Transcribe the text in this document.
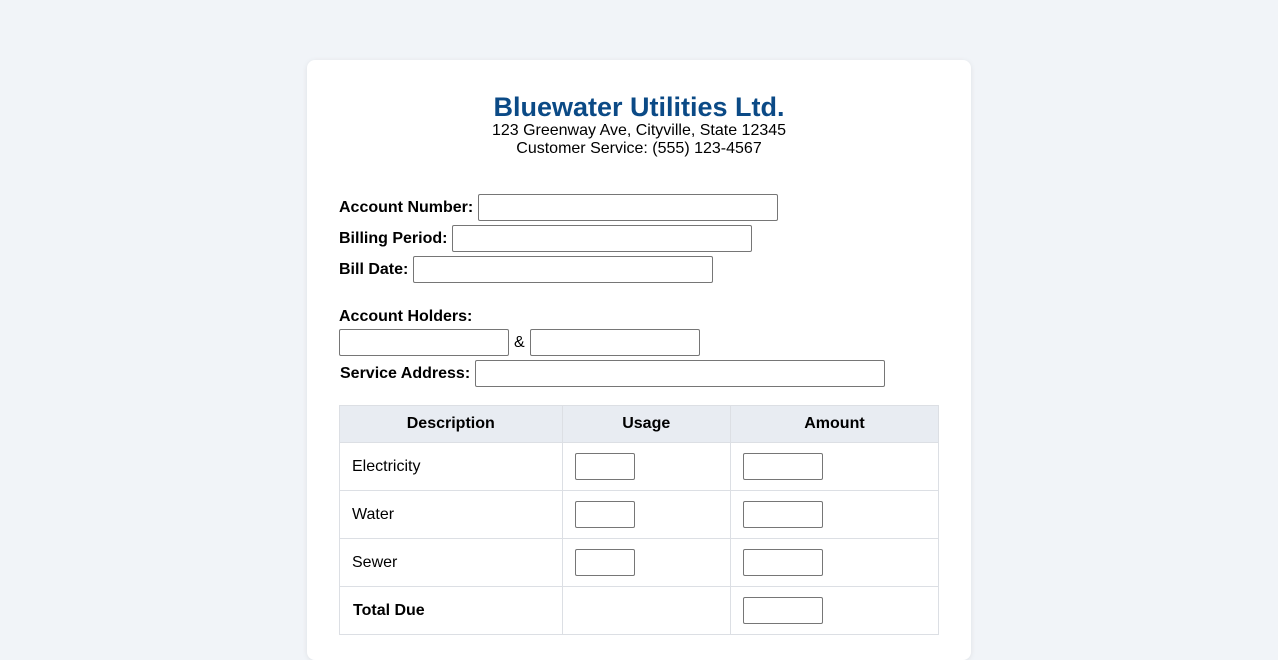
Bluewater Utilities Ltd.
123 Greenway Ave, Cityville, State 12345
Customer Service: (555) 123-4567
Account Number:
Billing Period:
Bill Date:
Account Holders:
&
Service Address:
Description	Usage	Amount
Electricity		
Water		
Sewer		
Total Due		
